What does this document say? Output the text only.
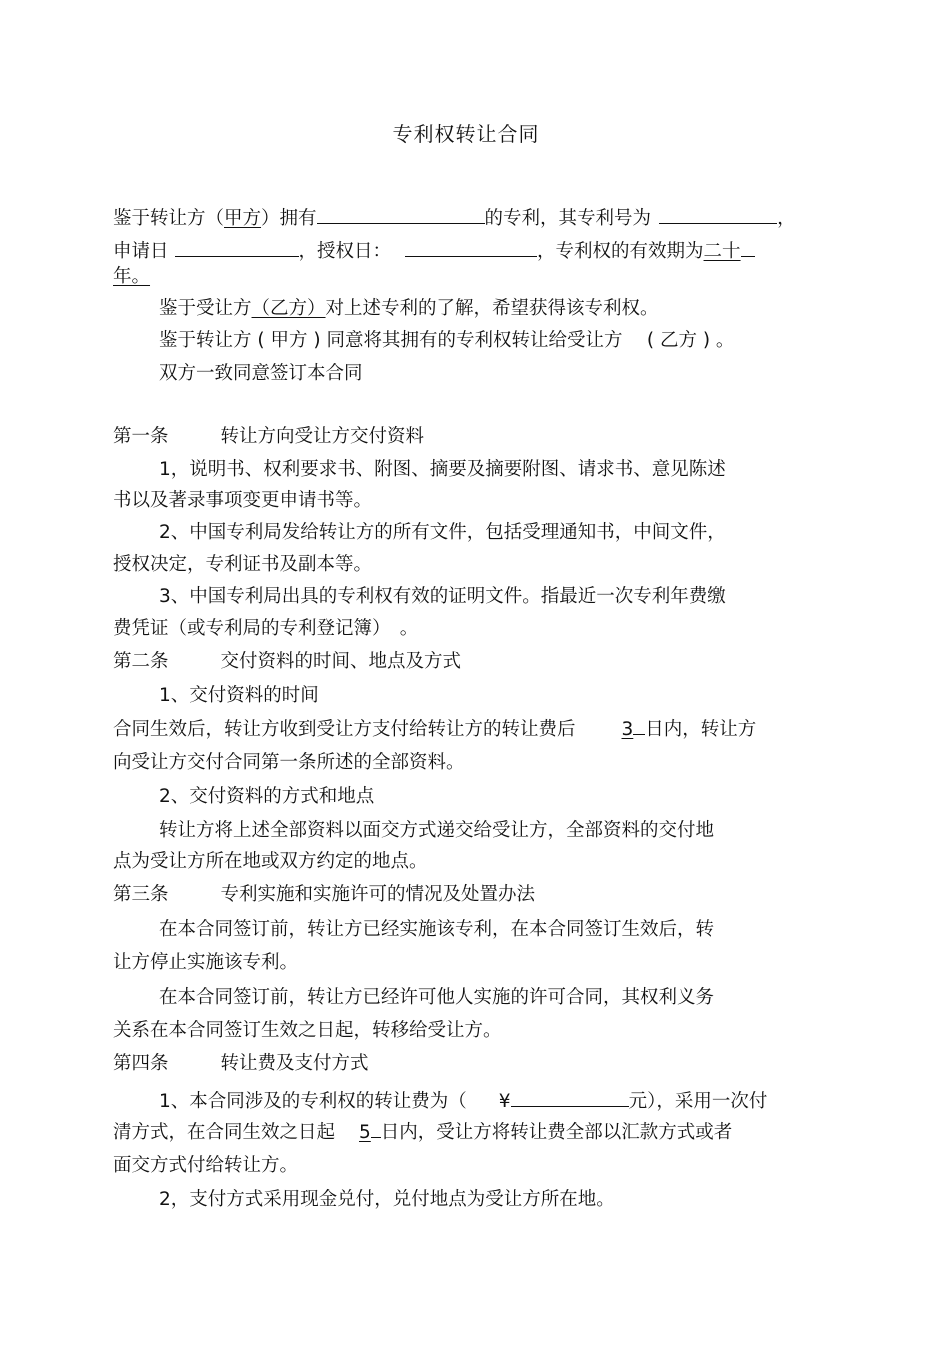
专利权转让合同
鉴于转让方（甲方）拥有	的专利，其专利号为	，
申请日	，授权日：	，专利权的有效期为二十
年。
鉴于受让方（乙方）对上述专利的了解，希望获得该专利权。
鉴于转让方 ( 甲方 ) 同意将其拥有的专利权转让给受让方　 ( 乙方 ) 。
双方一致同意签订本合同
第一条	转让方向受让方交付资料
1，说明书、权利要求书、附图、摘要及摘要附图、请求书、意见陈述
书以及著录事项变更申请书等。
2、中国专利局发给转让方的所有文件，包括受理通知书，中间文件，
授权决定，专利证书及副本等。
3、中国专利局出具的专利权有效的证明文件。指最近一次专利年费缴
费凭证（或专利局的专利登记簿）　。
第二条	交付资料的时间、地点及方式
1、交付资料的时间
合同生效后，转让方收到受让方支付给转让方的转让费后 3 日内，转让方
向受让方交付合同第一条所述的全部资料。
2、交付资料的方式和地点
转让方将上述全部资料以面交方式递交给受让方，全部资料的交付地
点为受让方所在地或双方约定的地点。
第三条	专利实施和实施许可的情况及处置办法
在本合同签订前，转让方已经实施该专利，在本合同签订生效后，转
让方停止实施该专利。
在本合同签订前，转让方已经许可他人实施的许可合同，其权利义务
关系在本合同签订生效之日起，转移给受让方。
第四条	转让费及支付方式
1、本合同涉及的专利权的转让费为（ ¥	元），采用一次付
清方式，在合同生效之日起 5 日内，受让方将转让费全部以汇款方式或者
面交方式付给转让方。
2，支付方式采用现金兑付，兑付地点为受让方所在地。
